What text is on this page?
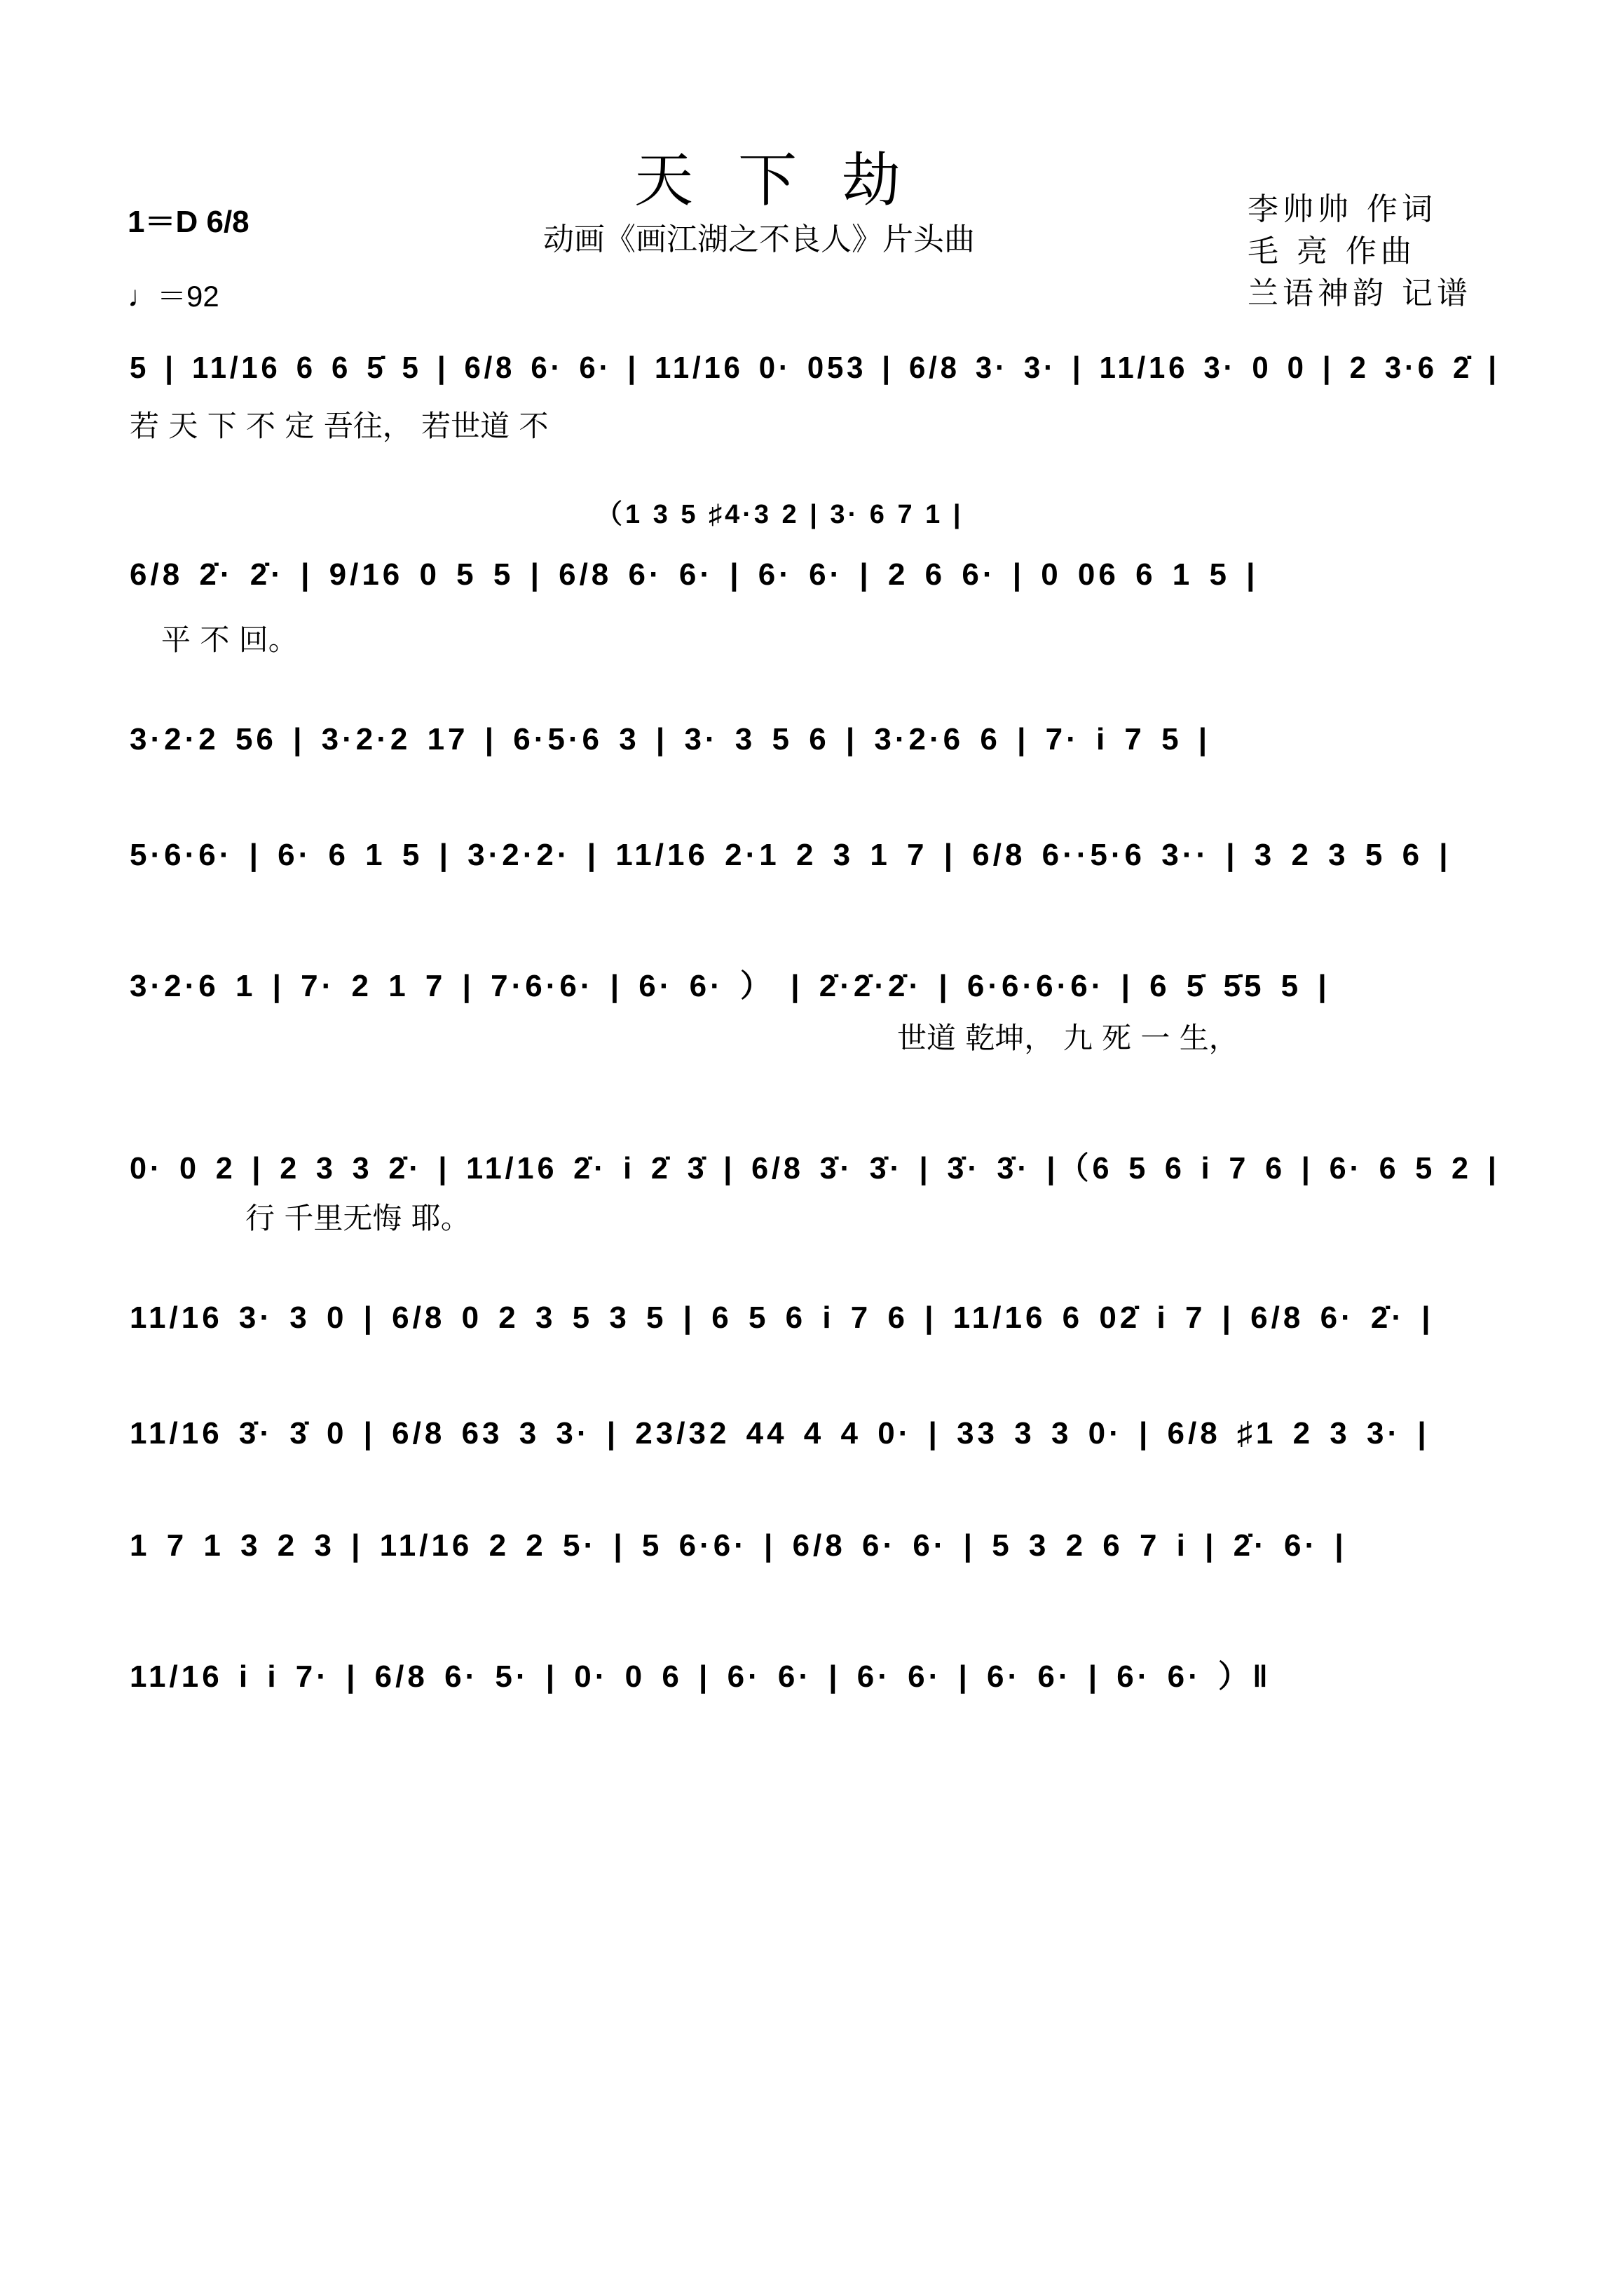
天下劫
动画《画江湖之不良人》片头曲
1＝D 6/8
♩＝92
李帅帅 作词
毛 亮 作曲
兰语神韵 记谱
5 | 11/16 6 6 5̇ 5 | 6/8 6· 6· | 11/16 0· 053 | 6/8 3· 3· | 11/16 3· 0 0 | 2 3·6 2̇ |
若 天 下 不 定 吾往， 若世道 不
（1 3 5 ♯4·3 2 | 3· 6 7 1 |
6/8 2̇· 2̇· | 9/16 0 5 5 | 6/8 6· 6· | 6· 6· | 2 6 6· | 0 06 6 1 5 |
平 不 回。
3·2·2 56 | 3·2·2 17 | 6·5·6 3 | 3· 3 5 6 | 3·2·6 6 | 7· i 7 5 |
5·6·6· | 6· 6 1 5 | 3·2·2· | 11/16 2·1 2 3 1 7 | 6/8 6··5·6 3·· | 3 2 3 5 6 |
3·2·6 1 | 7· 2 1 7 | 7·6·6· | 6· 6· ） | 2̇·2̇·2̇· | 6·6·6·6· | 6 5̇ 5̇5 5 |
世道 乾坤， 九 死 一 生，
0· 0 2 | 2 3 3 2̇· | 11/16 2̇· i 2̇ 3̇ | 6/8 3̇· 3̇· | 3̇· 3̇· |（6 5 6 i 7 6 | 6· 6 5 2 |
行 千里无悔 耶。
11/16 3· 3 0 | 6/8 0 2 3 5 3 5 | 6 5 6 i 7 6 | 11/16 6 02̇ i 7 | 6/8 6· 2̇· |
11/16 3̇· 3̇ 0 | 6/8 63 3 3· | 23/32 44 4 4 0· | 33 3 3 0· | 6/8 ♯1 2 3 3· |
1 7 1 3 2 3 | 11/16 2 2 5· | 5 6·6· | 6/8 6· 6· | 5 3 2 6 7 i | 2̇· 6· |
11/16 i i 7· | 6/8 6· 5· | 0· 0 6 | 6· 6· | 6· 6· | 6· 6· | 6· 6· ）‖
